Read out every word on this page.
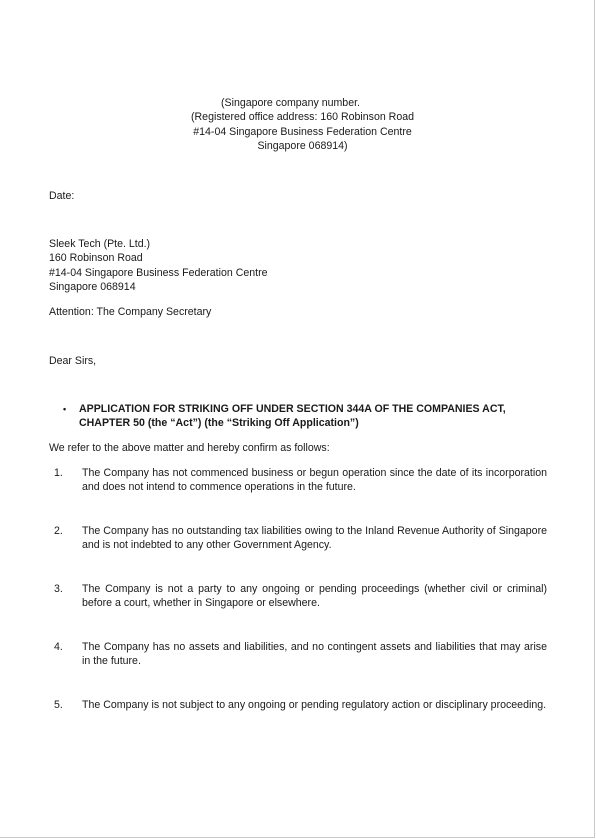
(Singapore company number.
(Registered office address: 160 Robinson Road
#14-04 Singapore Business Federation Centre
Singapore 068914)
Date:
Sleek Tech (Pte. Ltd.)
160 Robinson Road
#14-04 Singapore Business Federation Centre
Singapore 068914
Attention: The Company Secretary
Dear Sirs,
• APPLICATION FOR STRIKING OFF UNDER SECTION 344A OF THE COMPANIES ACT,
CHAPTER 50 (the “Act”) (the “Striking Off Application”)
We refer to the above matter and hereby confirm as follows:
1. The Company has not commenced business or begun operation since the date of its incorporation and does not intend to commence operations in the future.
2. The Company has no outstanding tax liabilities owing to the Inland Revenue Authority of Singapore and is not indebted to any other Government Agency.
3. The Company is not a party to any ongoing or pending proceedings (whether civil or criminal) before a court, whether in Singapore or elsewhere.
4. The Company has no assets and liabilities, and no contingent assets and liabilities that may arise in the future.
5. The Company is not subject to any ongoing or pending regulatory action or disciplinary proceeding.
